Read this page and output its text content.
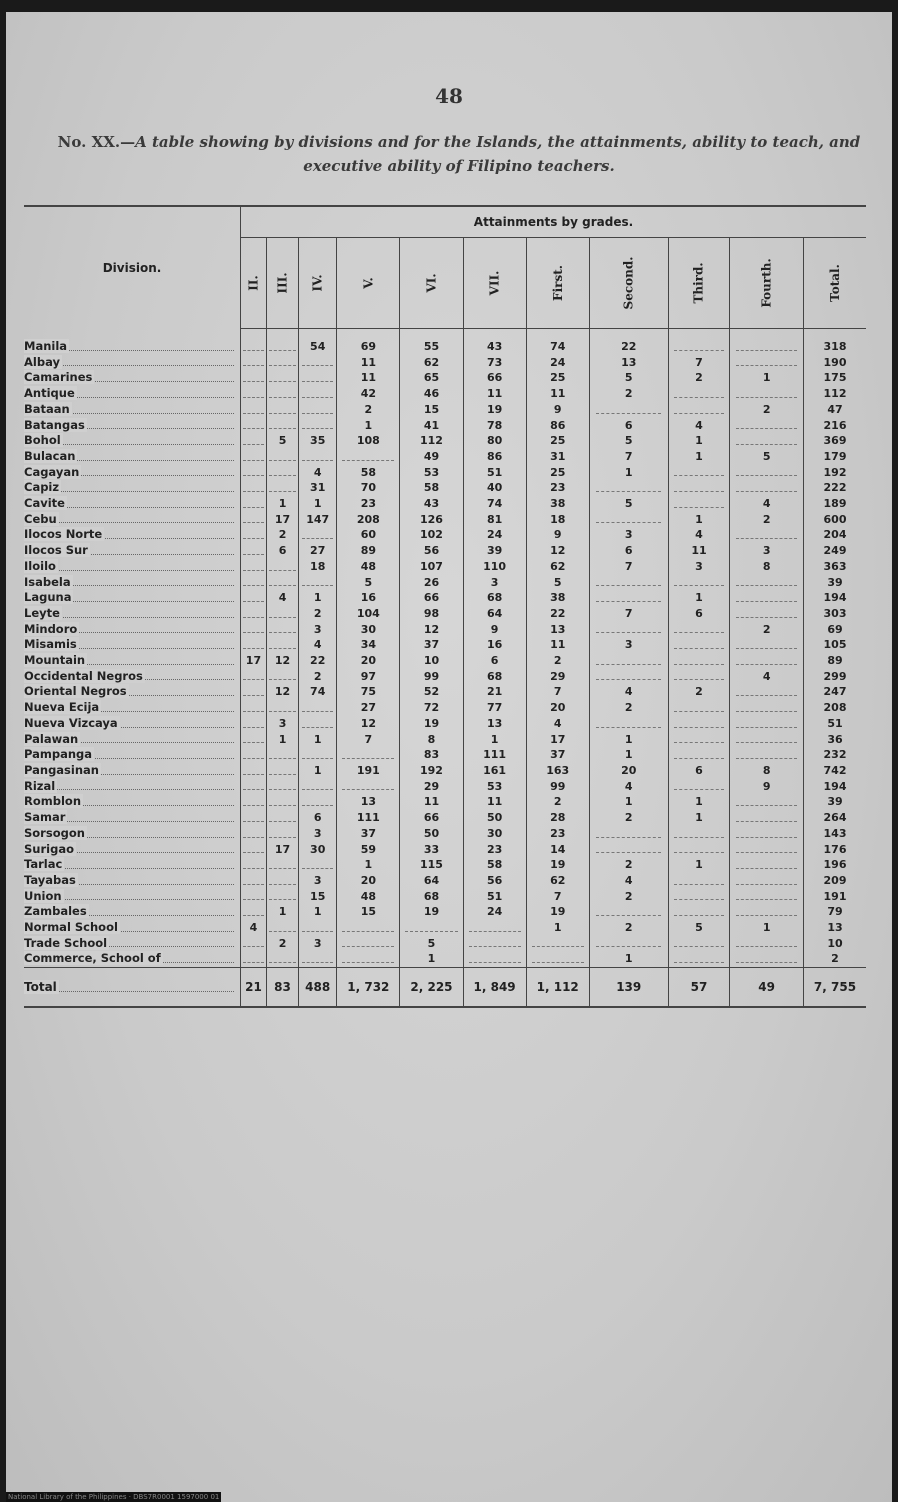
48
No. XX.—A table showing by divisions and for the Islands, the attainments, ability to teach, and executive ability of Filipino teachers.

Division.	Attainments by grades.										
	II.	III.	IV.	V.	VI.	VII.	First.	Second.	Third.	Fourth.	Total.

Manila			54	69	55	43	74	22			318

Albay				11	62	73	24	13	7		190

Camarines				11	65	66	25	5	2	1	175

Antique				42	46	11	11	2			112

Bataan				2	15	19	9			2	47

Batangas				1	41	78	86	6	4		216

Bohol		5	35	108	112	80	25	5	1		369

Bulacan					49	86	31	7	1	5	179

Cagayan			4	58	53	51	25	1			192

Capiz			31	70	58	40	23				222

Cavite		1	1	23	43	74	38	5		4	189

Cebu		17	147	208	126	81	18		1	2	600

Ilocos Norte		2		60	102	24	9	3	4		204

Ilocos Sur		6	27	89	56	39	12	6	11	3	249

Iloilo			18	48	107	110	62	7	3	8	363

Isabela				5	26	3	5				39

Laguna		4	1	16	66	68	38		1		194

Leyte			2	104	98	64	22	7	6		303

Mindoro			3	30	12	9	13			2	69

Misamis			4	34	37	16	11	3			105

Mountain	17	12	22	20	10	6	2				89

Occidental Negros			2	97	99	68	29			4	299

Oriental Negros		12	74	75	52	21	7	4	2		247

Nueva Ecija				27	72	77	20	2			208

Nueva Vizcaya		3		12	19	13	4				51

Palawan		1	1	7	8	1	17	1			36

Pampanga					83	111	37	1			232

Pangasinan			1	191	192	161	163	20	6	8	742

Rizal					29	53	99	4		9	194

Romblon				13	11	11	2	1	1		39

Samar			6	111	66	50	28	2	1		264

Sorsogon			3	37	50	30	23				143

Surigao		17	30	59	33	23	14				176

Tarlac				1	115	58	19	2	1		196

Tayabas			3	20	64	56	62	4			209

Union			15	48	68	51	7	2			191

Zambales		1	1	15	19	24	19				79

Normal School	4						1	2	5	1	13

Trade School		2	3		5						10

Commerce, School of					1			1			2

Total	21	83	488	1, 732	2, 225	1, 849	1, 112	139	57	49	7, 755

National Library of the Philippines · DBS7R0001 1597000 01
